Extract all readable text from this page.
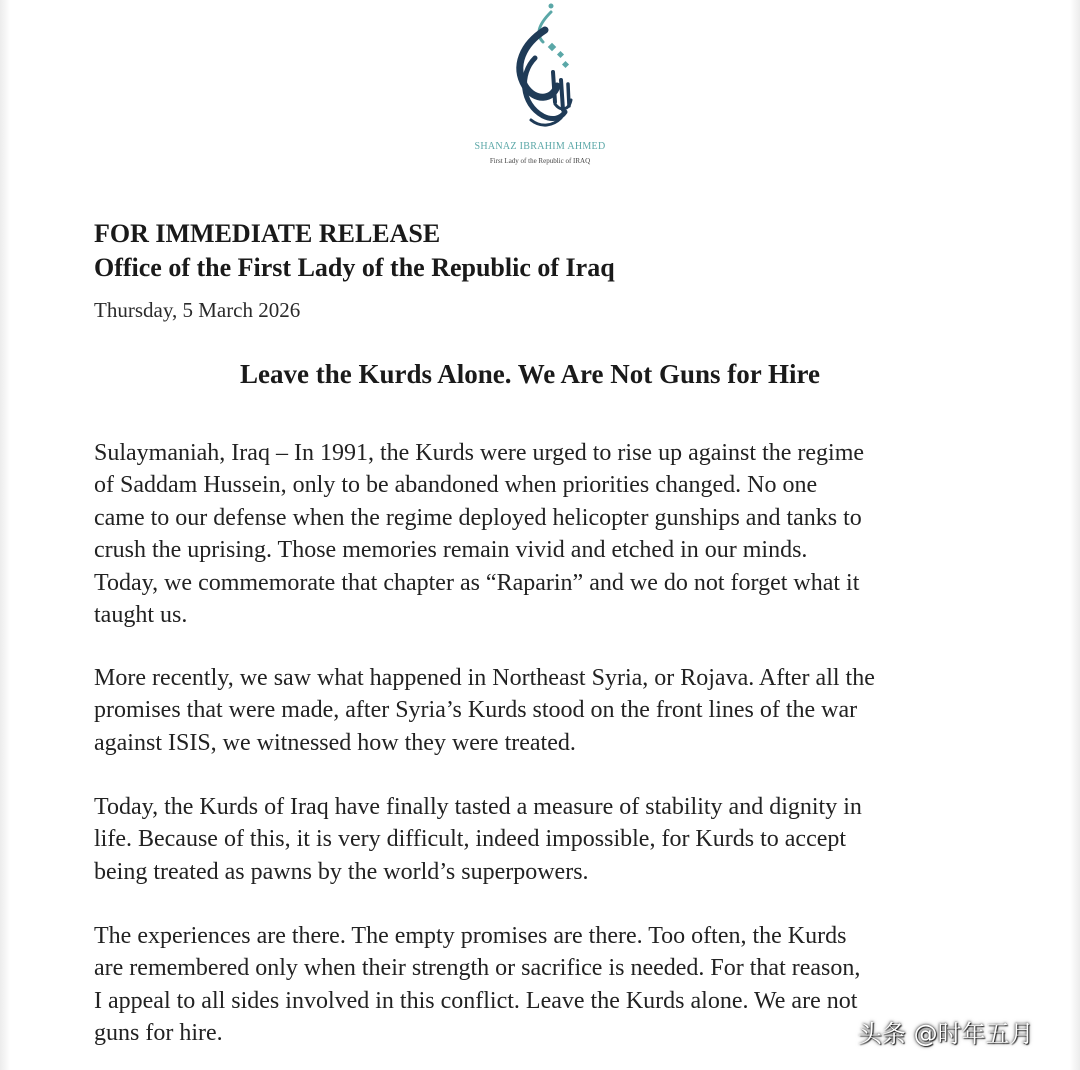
SHANAZ IBRAHIM AHMED
First Lady of the Republic of IRAQ
FOR IMMEDIATE RELEASE
Office of the First Lady of the Republic of Iraq
Thursday, 5 March 2026
Leave the Kurds Alone. We Are Not Guns for Hire
Sulaymaniah, Iraq – In 1991, the Kurds were urged to rise up against the regime
of Saddam Hussein, only to be abandoned when priorities changed. No one
came to our defense when the regime deployed helicopter gunships and tanks to
crush the uprising. Those memories remain vivid and etched in our minds.
Today, we commemorate that chapter as “Raparin” and we do not forget what it
taught us.
More recently, we saw what happened in Northeast Syria, or Rojava. After all the
promises that were made, after Syria’s Kurds stood on the front lines of the war
against ISIS, we witnessed how they were treated.
Today, the Kurds of Iraq have finally tasted a measure of stability and dignity in
life. Because of this, it is very difficult, indeed impossible, for Kurds to accept
being treated as pawns by the world’s superpowers.
The experiences are there. The empty promises are there. Too often, the Kurds
are remembered only when their strength or sacrifice is needed. For that reason,
I appeal to all sides involved in this conflict. Leave the Kurds alone. We are not
guns for hire.	头条 @时年五月
